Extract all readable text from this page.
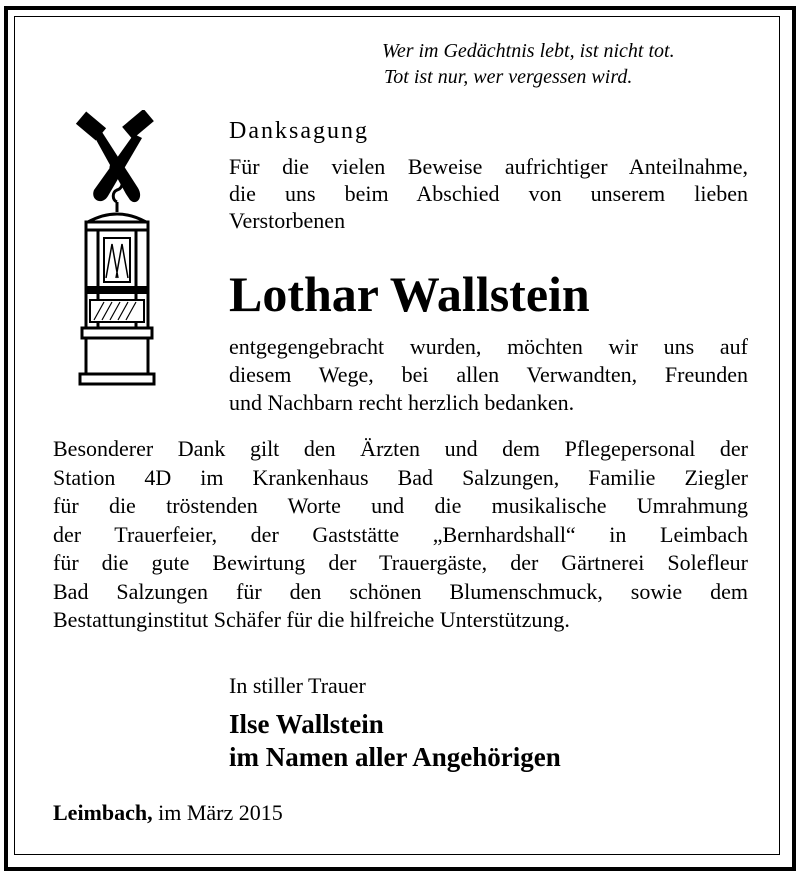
Wer im Gedächtnis lebt, ist nicht tot.
Tot ist nur, wer vergessen wird.
Danksagung
Für die vielen Beweise aufrichtiger Anteilnahme,
die uns beim Abschied von unserem lieben
Verstorbenen
Lothar Wallstein
entgegengebracht wurden, möchten wir uns auf
diesem Wege, bei allen Verwandten, Freunden
und Nachbarn recht herzlich bedanken.
Besonderer Dank gilt den Ärzten und dem Pflegepersonal der
Station 4D im Krankenhaus Bad Salzungen, Familie Ziegler
für die tröstenden Worte und die musikalische Umrahmung
der Trauerfeier, der Gaststätte „Bernhardshall“ in Leimbach
für die gute Bewirtung der Trauergäste, der Gärtnerei Solefleur
Bad Salzungen für den schönen Blumenschmuck, sowie dem
Bestattunginstitut Schäfer für die hilfreiche Unterstützung.
In stiller Trauer
Ilse Wallstein
im Namen aller Angehörigen
Leimbach, im März 2015
